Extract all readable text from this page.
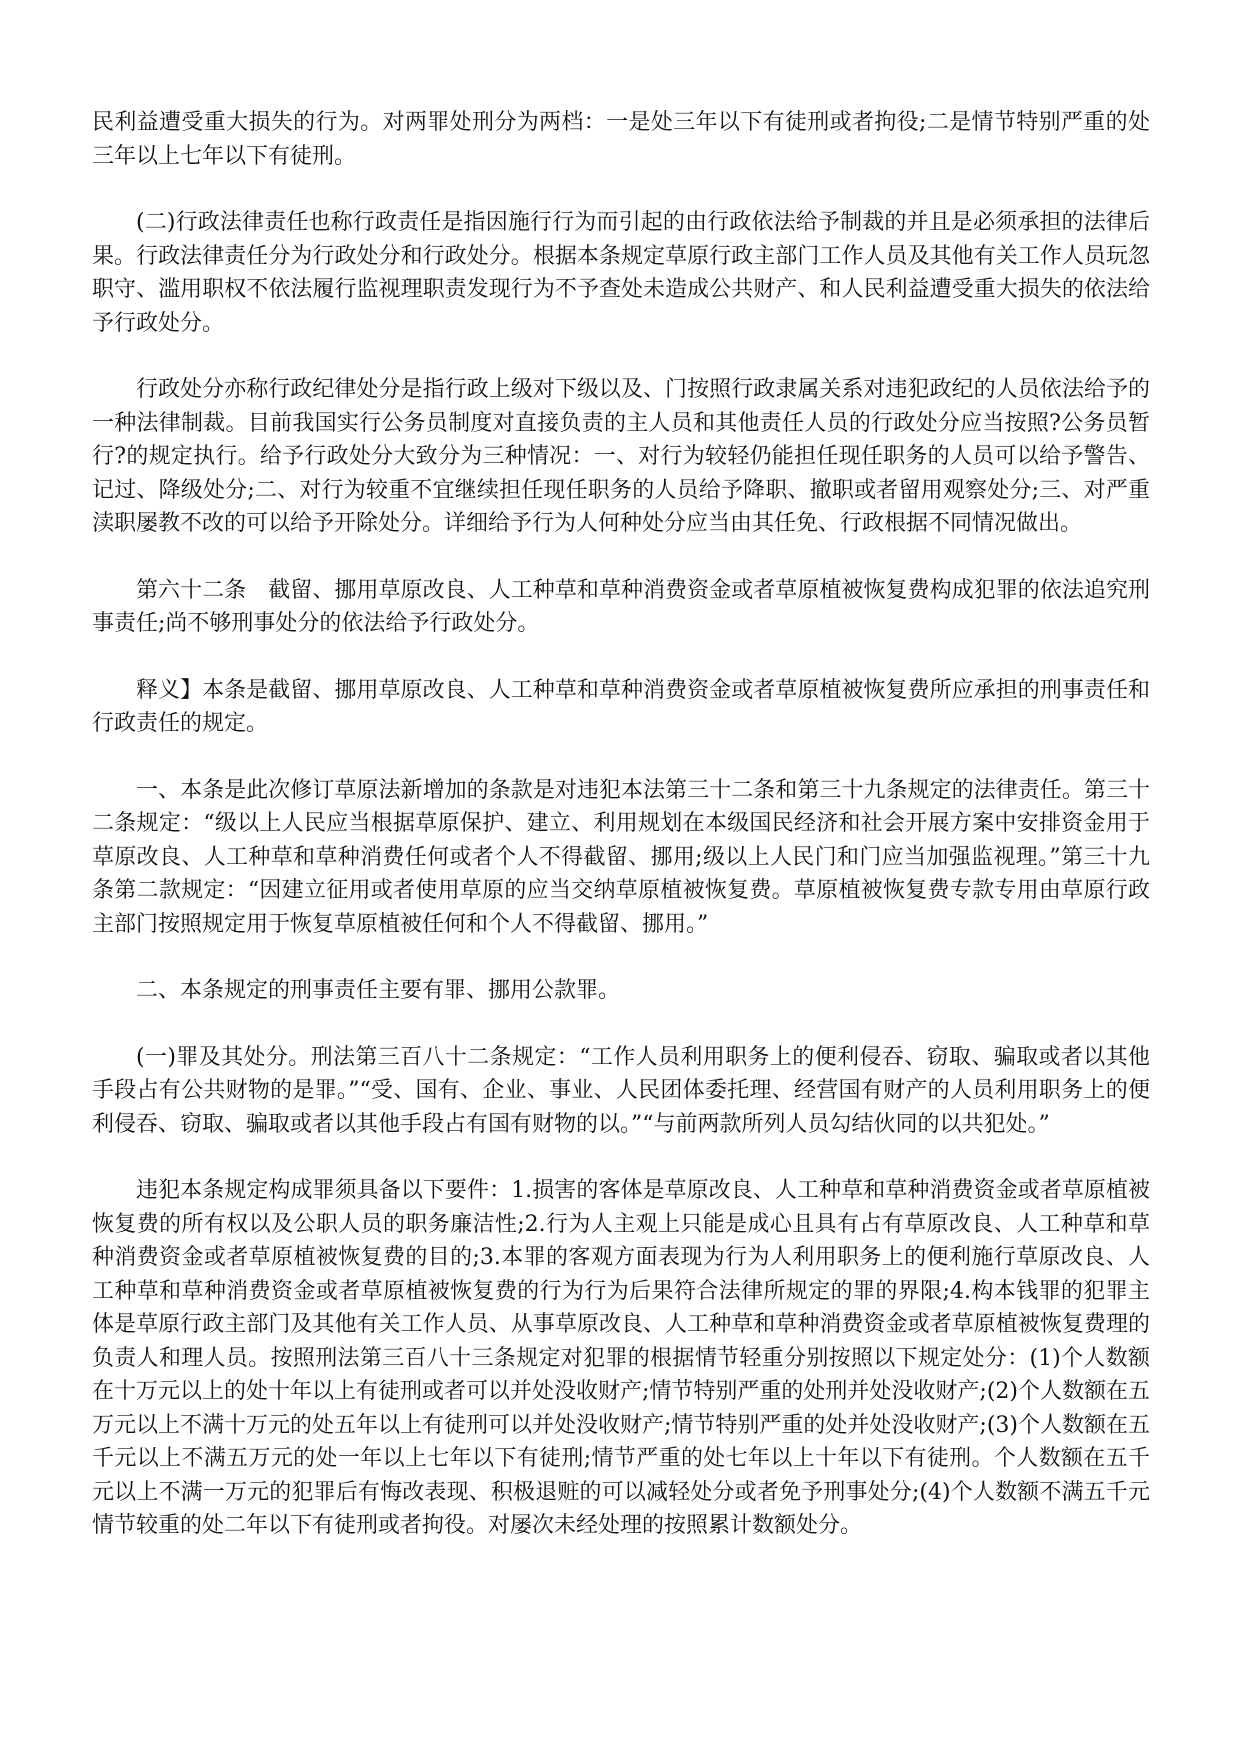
民利益遭受重大损失的行为。对两罪处刑分为两档：一是处三年以下有徒刑或者拘役;二是情节特别严重的处三年以上七年以下有徒刑。

(二)行政法律责任也称行政责任是指因施行行为而引起的由行政依法给予制裁的并且是必须承担的法律后果。行政法律责任分为行政处分和行政处分。根据本条规定草原行政主部门工作人员及其他有关工作人员玩忽职守、滥用职权不依法履行监视理职责发现行为不予查处未造成公共财产、和人民利益遭受重大损失的依法给予行政处分。

行政处分亦称行政纪律处分是指行政上级对下级以及、门按照行政隶属关系对违犯政纪的人员依法给予的一种法律制裁。目前我国实行公务员制度对直接负责的主人员和其他责任人员的行政处分应当按照?公务员暂行?的规定执行。给予行政处分大致分为三种情况：一、对行为较轻仍能担任现任职务的人员可以给予警告、记过、降级处分;二、对行为较重不宜继续担任现任职务的人员给予降职、撤职或者留用观察处分;三、对严重渎职屡教不改的可以给予开除处分。详细给予行为人何种处分应当由其任免、行政根据不同情况做出。

第六十二条　截留、挪用草原改良、人工种草和草种消费资金或者草原植被恢复费构成犯罪的依法追究刑事责任;尚不够刑事处分的依法给予行政处分。

释义】本条是截留、挪用草原改良、人工种草和草种消费资金或者草原植被恢复费所应承担的刑事责任和行政责任的规定。

一、本条是此次修订草原法新增加的条款是对违犯本法第三十二条和第三十九条规定的法律责任。第三十二条规定：“级以上人民应当根据草原保护、建立、利用规划在本级国民经济和社会开展方案中安排资金用于草原改良、人工种草和草种消费任何或者个人不得截留、挪用;级以上人民门和门应当加强监视理。”第三十九条第二款规定：“因建立征用或者使用草原的应当交纳草原植被恢复费。草原植被恢复费专款专用由草原行政主部门按照规定用于恢复草原植被任何和个人不得截留、挪用。”

二、本条规定的刑事责任主要有罪、挪用公款罪。

(一)罪及其处分。刑法第三百八十二条规定：“工作人员利用职务上的便利侵吞、窃取、骗取或者以其他手段占有公共财物的是罪。”“受、国有、企业、事业、人民团体委托理、经营国有财产的人员利用职务上的便利侵吞、窃取、骗取或者以其他手段占有国有财物的以。”“与前两款所列人员勾结伙同的以共犯处。”

违犯本条规定构成罪须具备以下要件：1.损害的客体是草原改良、人工种草和草种消费资金或者草原植被恢复费的所有权以及公职人员的职务廉洁性;2.行为人主观上只能是成心且具有占有草原改良、人工种草和草种消费资金或者草原植被恢复费的目的;3.本罪的客观方面表现为行为人利用职务上的便利施行草原改良、人工种草和草种消费资金或者草原植被恢复费的行为行为后果符合法律所规定的罪的界限;4.构本钱罪的犯罪主体是草原行政主部门及其他有关工作人员、从事草原改良、人工种草和草种消费资金或者草原植被恢复费理的负责人和理人员。按照刑法第三百八十三条规定对犯罪的根据情节轻重分别按照以下规定处分：(1)个人数额在十万元以上的处十年以上有徒刑或者可以并处没收财产;情节特别严重的处刑并处没收财产;(2)个人数额在五万元以上不满十万元的处五年以上有徒刑可以并处没收财产;情节特别严重的处并处没收财产;(3)个人数额在五千元以上不满五万元的处一年以上七年以下有徒刑;情节严重的处七年以上十年以下有徒刑。个人数额在五千元以上不满一万元的犯罪后有悔改表现、积极退赃的可以减轻处分或者免予刑事处分;(4)个人数额不满五千元情节较重的处二年以下有徒刑或者拘役。对屡次未经处理的按照累计数额处分。
